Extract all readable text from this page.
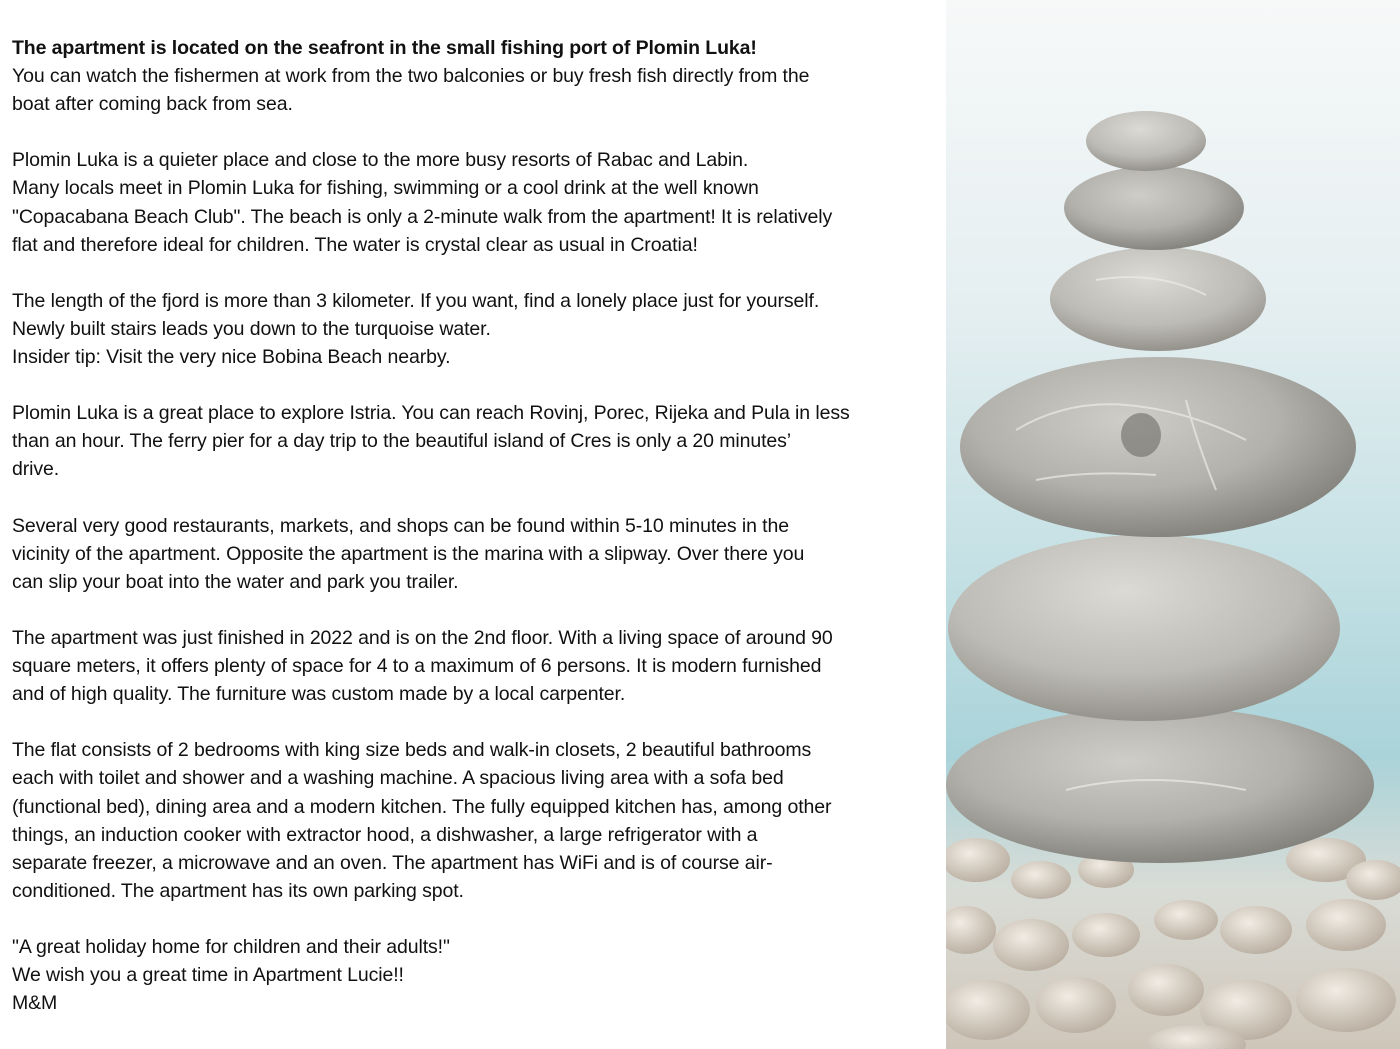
The apartment is located on the seafront in the small fishing port of Plomin Luka!
You can watch the fishermen at work from the two balconies or buy fresh fish directly from the
boat after coming back from sea.

Plomin Luka is a quieter place and close to the more busy resorts of Rabac and Labin.
Many locals meet in Plomin Luka for fishing, swimming or a cool drink at the well known
"Copacabana Beach Club". The beach is only a 2-minute walk from the apartment! It is relatively
flat and therefore ideal for children. The water is crystal clear as usual in Croatia!

The length of the fjord is more than 3 kilometer. If you want, find a lonely place just for yourself.
Newly built stairs leads you down to the turquoise water.
Insider tip: Visit the very nice Bobina Beach nearby.

Plomin Luka is a great place to explore Istria. You can reach Rovinj, Porec, Rijeka and Pula in less
than an hour. The ferry pier for a day trip to the beautiful island of Cres is only a 20 minutes’
drive.

Several very good restaurants, markets, and shops can be found within 5-10 minutes in the
vicinity of the apartment. Opposite the apartment is the marina with a slipway. Over there you
can slip your boat into the water and park you trailer.

The apartment was just finished in 2022 and is on the 2nd floor. With a living space of around 90
square meters, it offers plenty of space for 4 to a maximum of 6 persons. It is modern furnished
and of high quality. The furniture was custom made by a local carpenter.

The flat consists of 2 bedrooms with king size beds and walk-in closets, 2 beautiful bathrooms
each with toilet and shower and a washing machine. A spacious living area with a sofa bed
(functional bed), dining area and a modern kitchen. The fully equipped kitchen has, among other
things, an induction cooker with extractor hood, a dishwasher, a large refrigerator with a
separate freezer, a microwave and an oven. The apartment has WiFi and is of course air-
conditioned. The apartment has its own parking spot.

"A great holiday home for children and their adults!"
We wish you a great time in Apartment Lucie!!
M&M
